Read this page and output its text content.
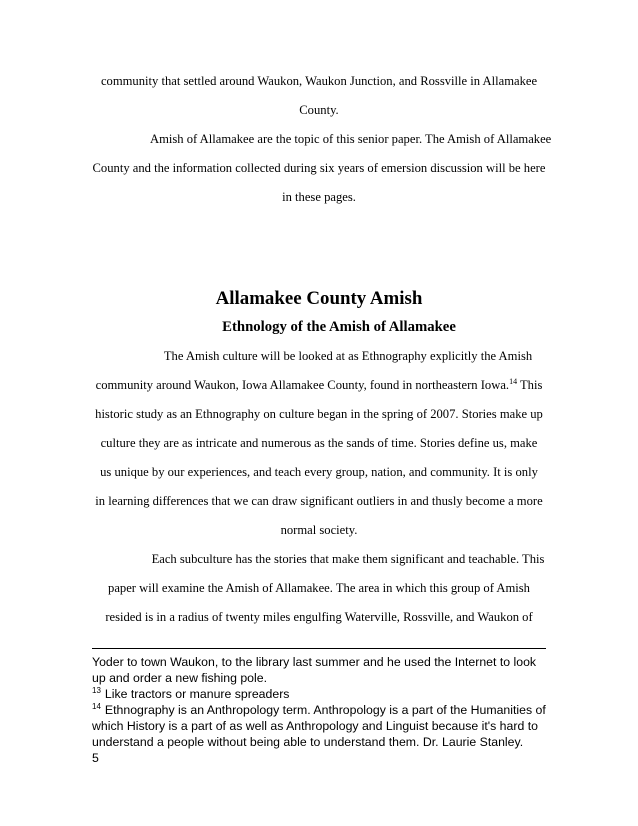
community that settled around Waukon, Waukon Junction, and Rossville in Allamakee
County.

Amish of Allamakee are the topic of this senior paper. The Amish of Allamakee
County and the information collected during six years of emersion discussion will be here
in these pages.

Allamakee County Amish
Ethnology of the Amish of Allamakee

The Amish culture will be looked at as Ethnography explicitly the Amish
community around Waukon, Iowa Allamakee County, found in northeastern Iowa.$^{14}$ This
historic study as an Ethnography on culture began in the spring of 2007. Stories make up
culture they are as intricate and numerous as the sands of time. Stories define us, make
us unique by our experiences, and teach every group, nation, and community. It is only
in learning differences that we can draw significant outliers in and thusly become a more
normal society.

Each subculture has the stories that make them significant and teachable. This
paper will examine the Amish of Allamakee. The area in which this group of Amish
resided is in a radius of twenty miles engulfing Waterville, Rossville, and Waukon of

Yoder to town Waukon, to the library last summer and he used the Internet to look
up and order a new fishing pole.
$^{13}$ Like tractors or manure spreaders
$^{14}$ Ethnography is an Anthropology term. Anthropology is a part of the Humanities of
which History is a part of as well as Anthropology and Linguist because it's hard to
understand a people without being able to understand them. Dr. Laurie Stanley.
5
